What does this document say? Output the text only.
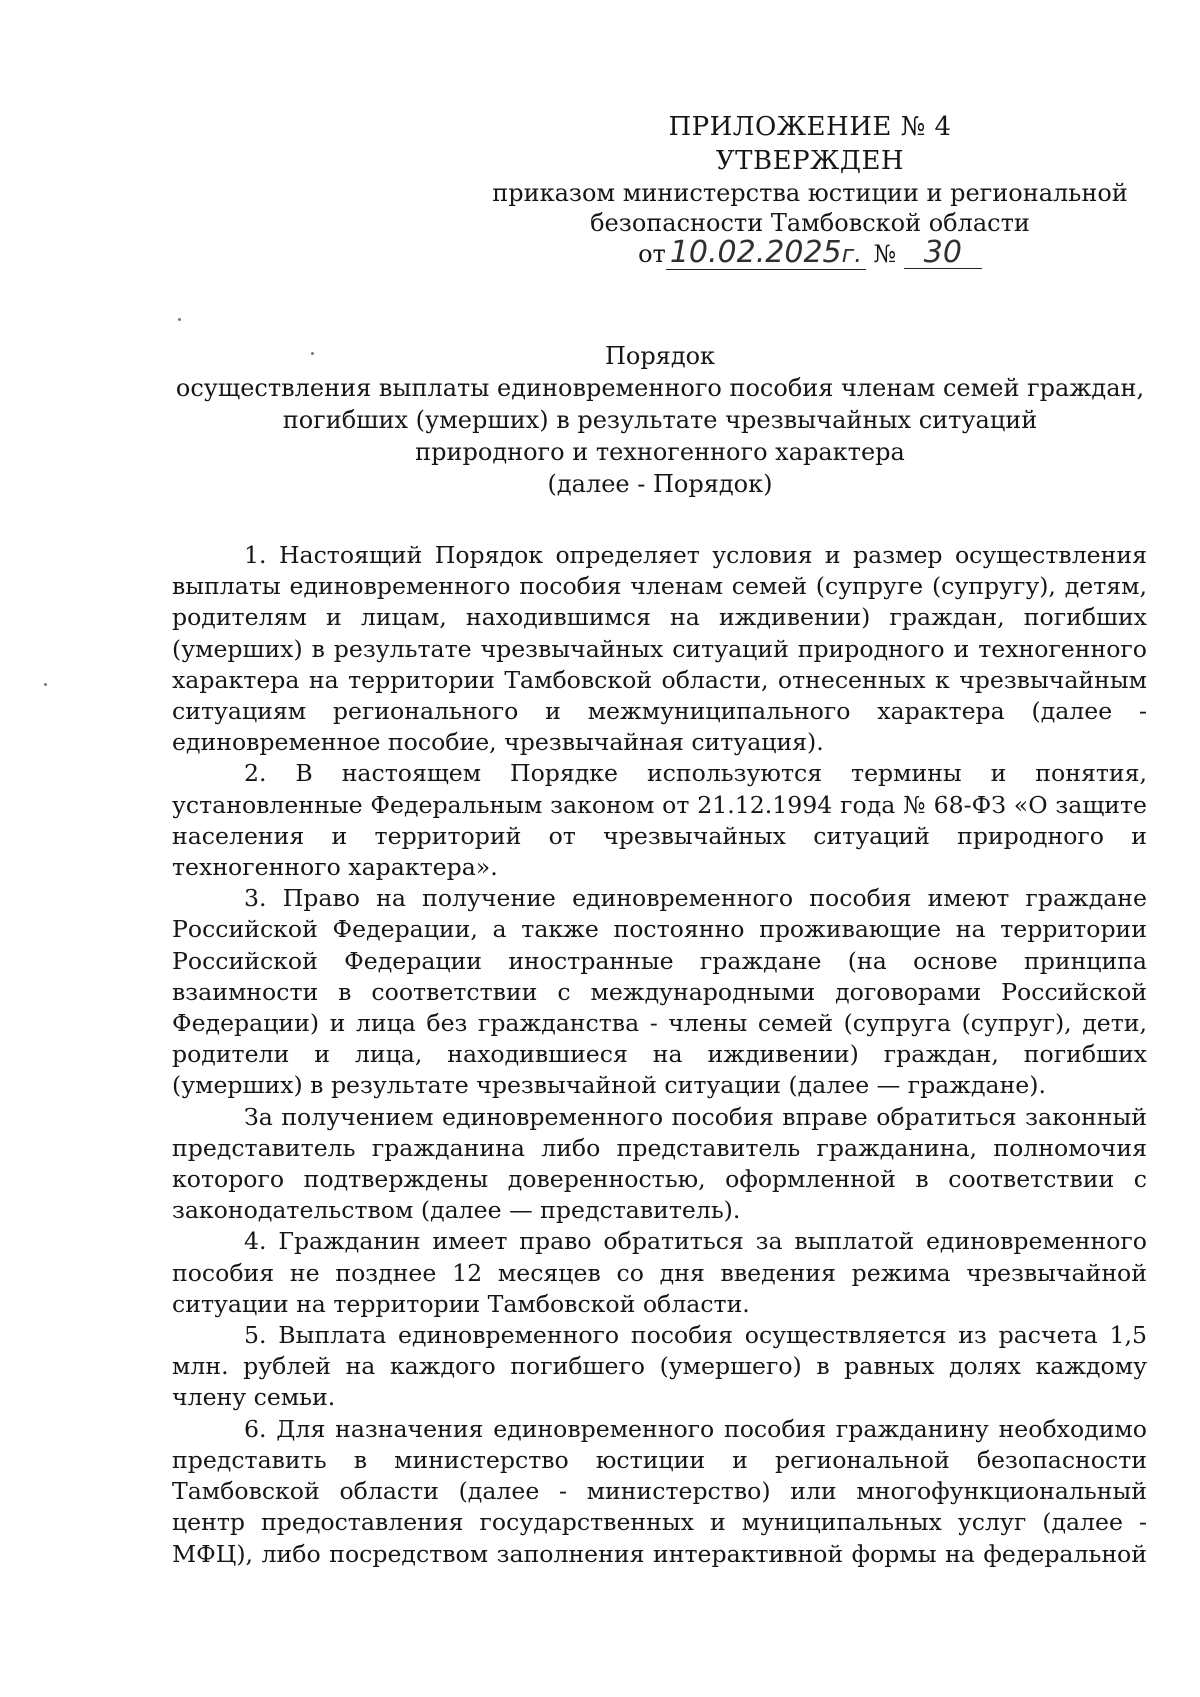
ПРИЛОЖЕНИЕ № 4
УТВЕРЖДЕН
приказом министерства юстиции и региональной
безопасности Тамбовской области
от 10.02.2025г. № 30
Порядок
осуществления выплаты единовременного пособия членам семей граждан,
погибших (умерших) в результате чрезвычайных ситуаций
природного и техногенного характера
(далее - Порядок)

1. Настоящий Порядок определяет условия и размер осуществления выплаты единовременного пособия членам семей (супруге (супругу), детям, родителям и лицам, находившимся на иждивении) граждан, погибших (умерших) в результате чрезвычайных ситуаций природного и техногенного характера на территории Тамбовской области, отнесенных к чрезвычайным ситуациям регионального и межмуниципального характера (далее - единовременное пособие, чрезвычайная ситуация).

2. В настоящем Порядке используются термины и понятия, установленные Федеральным законом от 21.12.1994 года № 68-ФЗ «О защите населения и территорий от чрезвычайных ситуаций природного и техногенного характера».

3. Право на получение единовременного пособия имеют граждане Российской Федерации, а также постоянно проживающие на территории Российской Федерации иностранные граждане (на основе принципа взаимности в соответствии с международными договорами Российской Федерации) и лица без гражданства - члены семей (супруга (супруг), дети, родители и лица, находившиеся на иждивении) граждан, погибших (умерших) в результате чрезвычайной ситуации (далее — граждане).

За получением единовременного пособия вправе обратиться законный представитель гражданина либо представитель гражданина, полномочия которого подтверждены доверенностью, оформленной в соответствии с законодательством (далее — представитель).

4. Гражданин имеет право обратиться за выплатой единовременного пособия не позднее 12 месяцев со дня введения режима чрезвычайной ситуации на территории Тамбовской области.

5. Выплата единовременного пособия осуществляется из расчета 1,5 млн. рублей на каждого погибшего (умершего) в равных долях каждому члену семьи.

6. Для назначения единовременного пособия гражданину необходимо представить в министерство юстиции и региональной безопасности Тамбовской области (далее - министерство) или многофункциональный центр предоставления государственных и муниципальных услуг (далее - МФЦ), либо посредством заполнения интерактивной формы на федеральной
